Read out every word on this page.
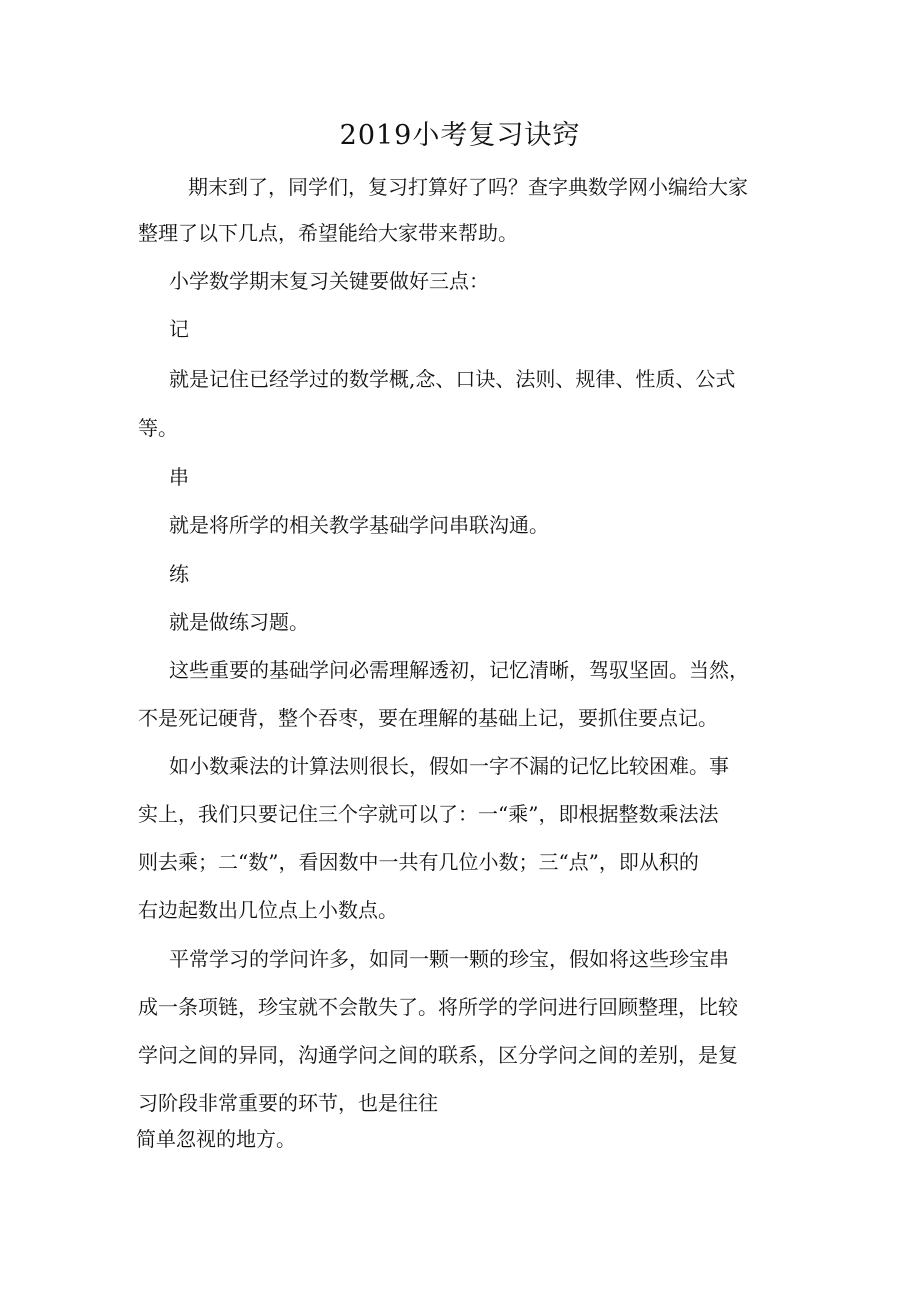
2019小考复习诀窍
期末到了，同学们，复习打算好了吗？查字典数学网小编给大家
整理了以下几点，希望能给大家带来帮助。
小学数学期末复习关键要做好三点：
记
就是记住已经学过的数学概,念、口诀、法则、规律、性质、公式
等。
串
就是将所学的相关教学基础学问串联沟通。
练
就是做练习题。
这些重要的基础学问必需理解透初，记忆清晰，驾驭坚固。当然，
不是死记硬背，整个吞枣，要在理解的基础上记，要抓住要点记。
如小数乘法的计算法则很长，假如一字不漏的记忆比较困难。事
实上，我们只要记住三个字就可以了：一“乘”，即根据整数乘法法
则去乘；二“数”，看因数中一共有几位小数；三“点”，即从积的
右边起数出几位点上小数点。
平常学习的学问许多，如同一颗一颗的珍宝，假如将这些珍宝串
成一条项链，珍宝就不会散失了。将所学的学问进行回顾整理，比较
学问之间的异同，沟通学问之间的联系，区分学问之间的差别，是复
习阶段非常重要的环节，也是往往
简单忽视的地方。
